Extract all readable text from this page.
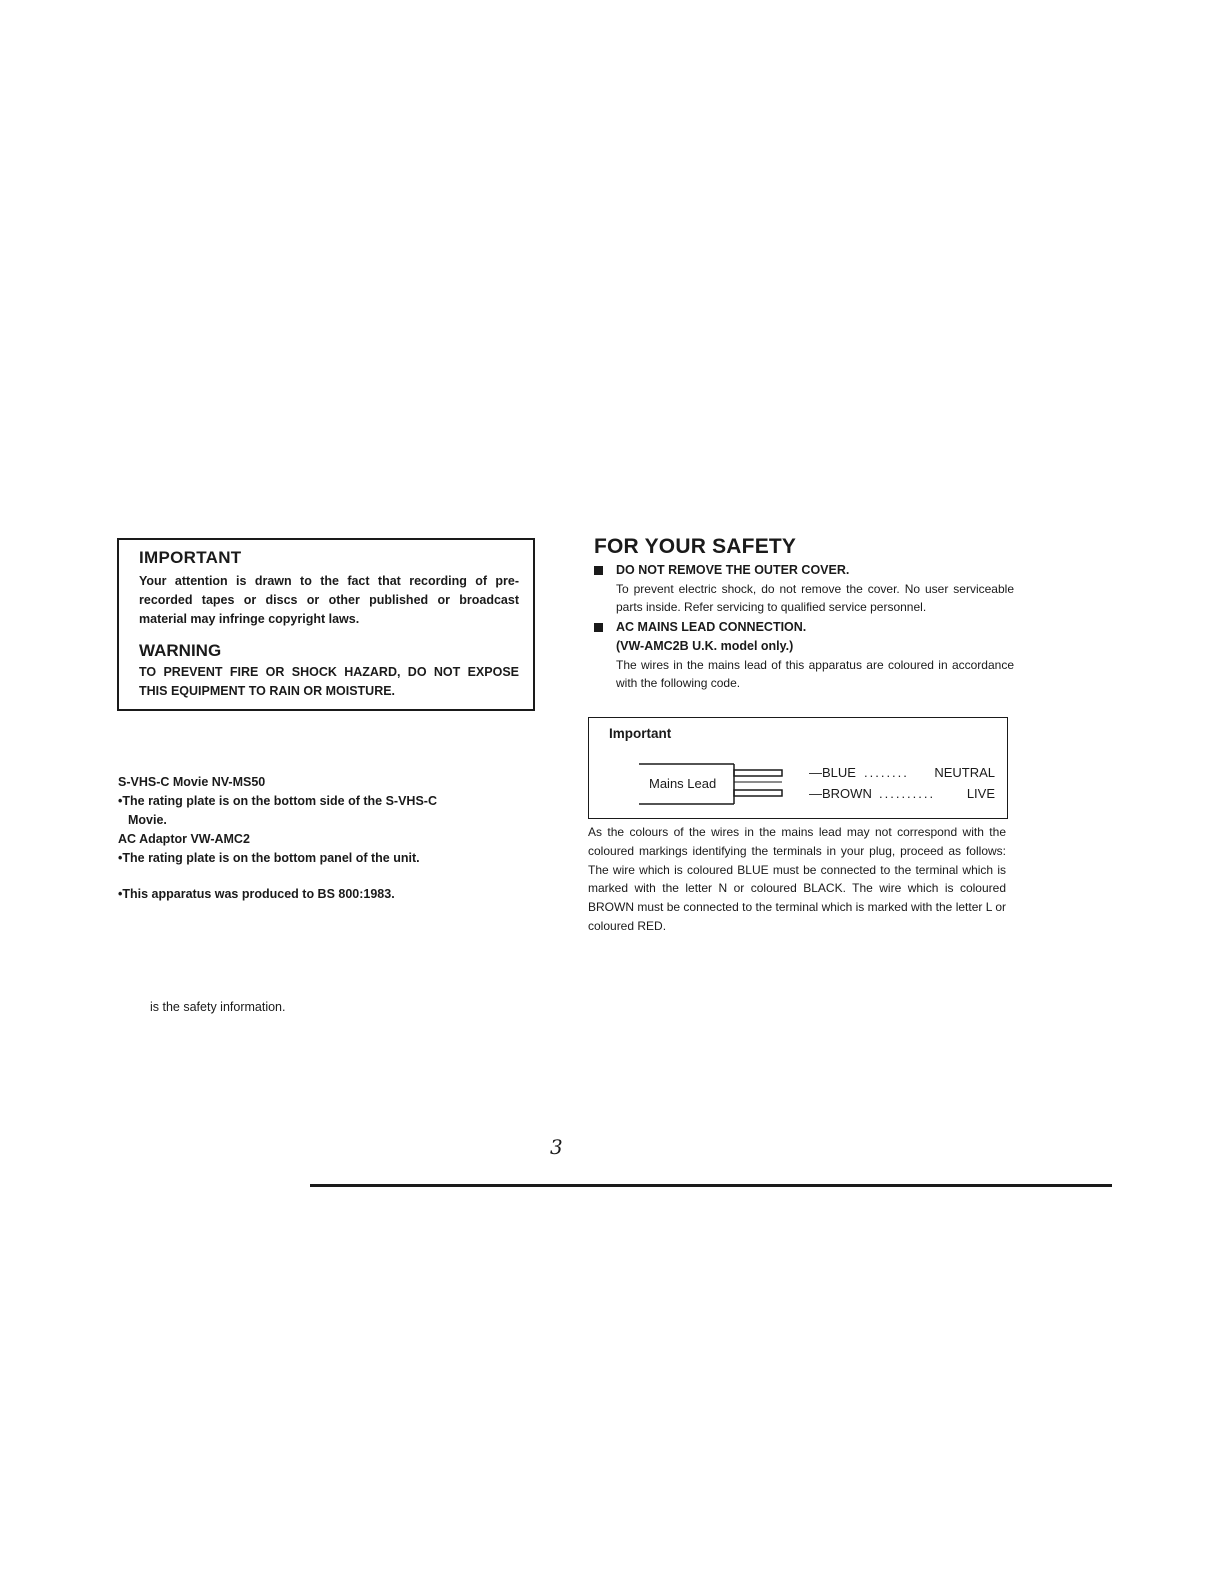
IMPORTANT
Your attention is drawn to the fact that recording of pre-recorded tapes or discs or other published or broadcast material may infringe copyright laws.
WARNING
TO PREVENT FIRE OR SHOCK HAZARD, DO NOT EXPOSE THIS EQUIPMENT TO RAIN OR MOISTURE.
S-VHS-C Movie NV-MS50
•The rating plate is on the bottom side of the S-VHS-C
Movie.
AC Adaptor VW-AMC2
•The rating plate is on the bottom panel of the unit.
•This apparatus was produced to BS 800:1983.
is the safety information.
FOR YOUR SAFETY
DO NOT REMOVE THE OUTER COVER.
To prevent electric shock, do not remove the cover. No user serviceable parts inside. Refer servicing to qualified service personnel.
AC MAINS LEAD CONNECTION.
(VW-AMC2B U.K. model only.)
The wires in the mains lead of this apparatus are coloured in accordance with the following code.
Important
Mains Lead
—BLUE ........ NEUTRAL
—BROWN .......... LIVE
As the colours of the wires in the mains lead may not correspond with the coloured markings identifying the terminals in your plug, proceed as follows: The wire which is coloured BLUE must be connected to the terminal which is marked with the letter N or coloured BLACK. The wire which is coloured BROWN must be connected to the terminal which is marked with the letter L or coloured RED.
3
